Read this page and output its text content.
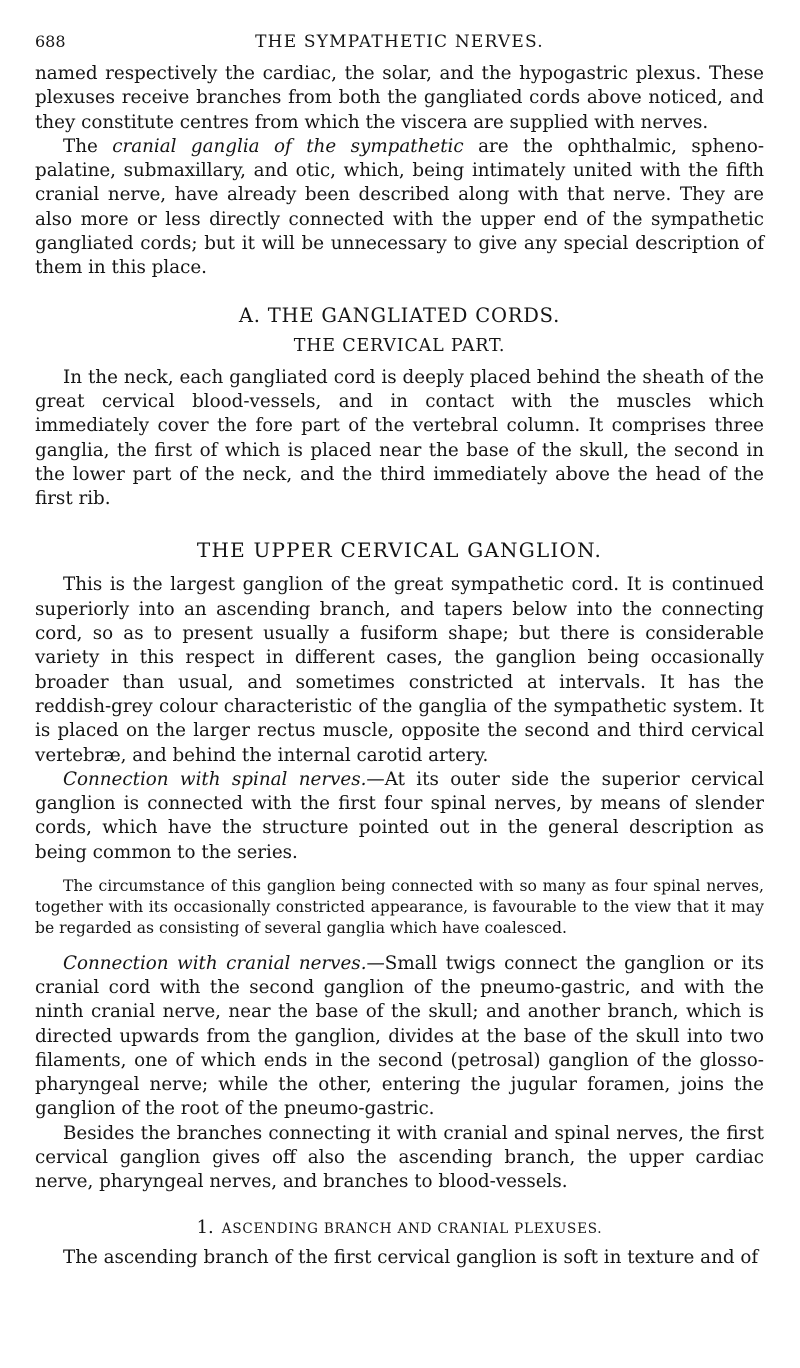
688	THE SYMPATHETIC NERVES.

named respectively the cardiac, the solar, and the hypogastric plexus. These plexuses receive branches from both the gangliated cords above noticed, and they constitute centres from which the viscera are supplied with nerves.

The cranial ganglia of the sympathetic are the ophthalmic, spheno-palatine, submaxillary, and otic, which, being intimately united with the fifth cranial nerve, have already been described along with that nerve. They are also more or less directly connected with the upper end of the sympathetic gangliated cords; but it will be unnecessary to give any special description of them in this place.

A. THE GANGLIATED CORDS.
THE CERVICAL PART.

In the neck, each gangliated cord is deeply placed behind the sheath of the great cervical blood-vessels, and in contact with the muscles which immediately cover the fore part of the vertebral column. It comprises three ganglia, the first of which is placed near the base of the skull, the second in the lower part of the neck, and the third immediately above the head of the first rib.

THE UPPER CERVICAL GANGLION.

This is the largest ganglion of the great sympathetic cord. It is continued superiorly into an ascending branch, and tapers below into the connecting cord, so as to present usually a fusiform shape; but there is considerable variety in this respect in different cases, the ganglion being occasionally broader than usual, and sometimes constricted at intervals. It has the reddish-grey colour characteristic of the ganglia of the sympathetic system. It is placed on the larger rectus muscle, opposite the second and third cervical vertebræ, and behind the internal carotid artery.

Connection with spinal nerves.—At its outer side the superior cervical ganglion is connected with the first four spinal nerves, by means of slender cords, which have the structure pointed out in the general description as being common to the series.

The circumstance of this ganglion being connected with so many as four spinal nerves, together with its occasionally constricted appearance, is favourable to the view that it may be regarded as consisting of several ganglia which have coalesced.

Connection with cranial nerves.—Small twigs connect the ganglion or its cranial cord with the second ganglion of the pneumo-gastric, and with the ninth cranial nerve, near the base of the skull; and another branch, which is directed upwards from the ganglion, divides at the base of the skull into two filaments, one of which ends in the second (petrosal) ganglion of the glosso-pharyngeal nerve; while the other, entering the jugular foramen, joins the ganglion of the root of the pneumo-gastric.

Besides the branches connecting it with cranial and spinal nerves, the first cervical ganglion gives off also the ascending branch, the upper cardiac nerve, pharyngeal nerves, and branches to blood-vessels.

1. ASCENDING BRANCH AND CRANIAL PLEXUSES.

The ascending branch of the first cervical ganglion is soft in texture and of
